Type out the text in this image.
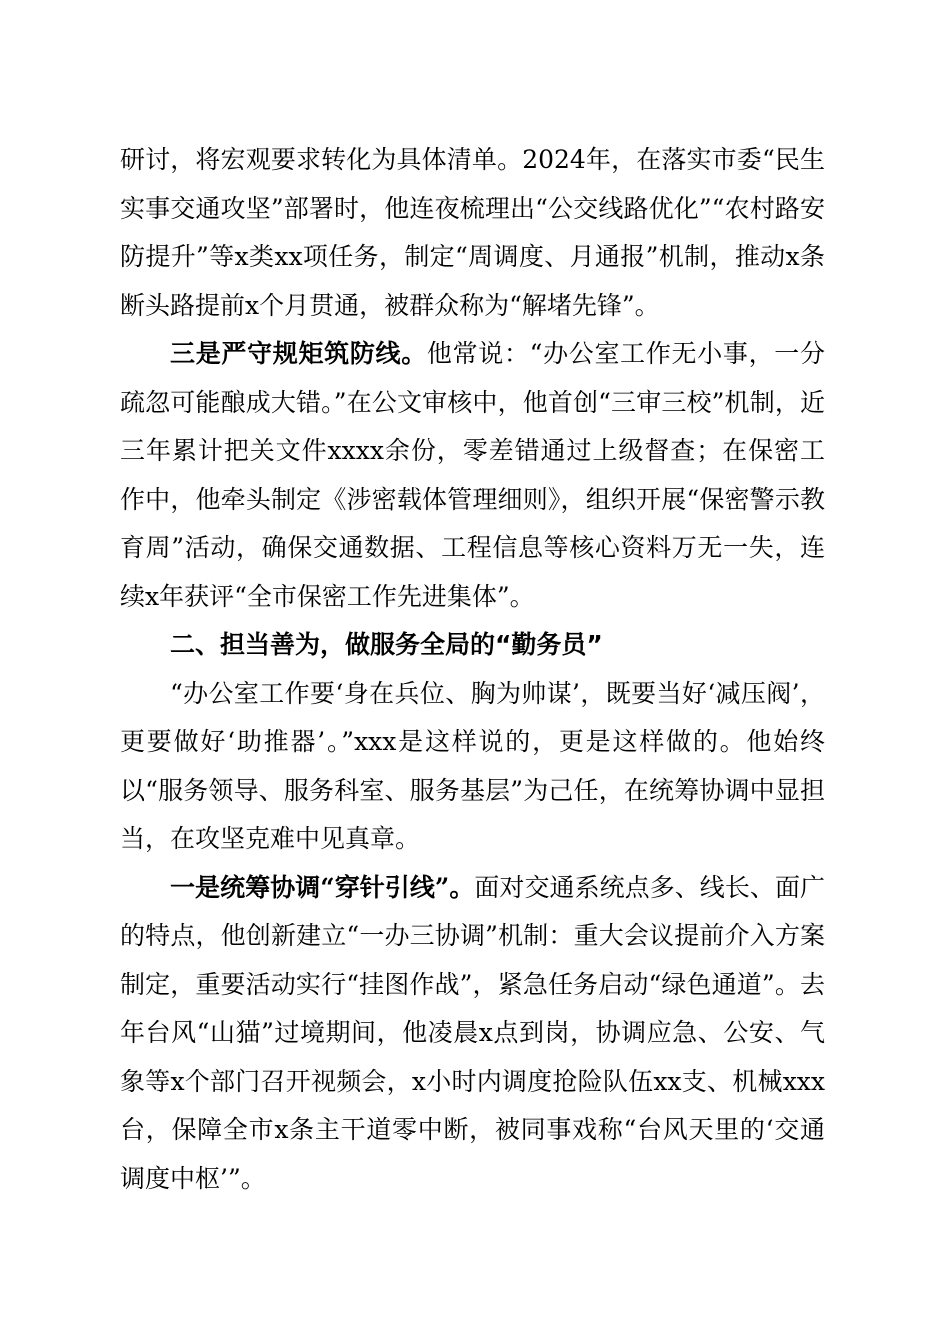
研讨，将宏观要求转化为具体清单。2024年，在落实市委“民生实事交通攻坚”部署时，他连夜梳理出“公交线路优化”“农村路安防提升”等x类xx项任务，制定“周调度、月通报”机制，推动x条断头路提前x个月贯通，被群众称为“解堵先锋”。

三是严守规矩筑防线。他常说：“办公室工作无小事，一分疏忽可能酿成大错。”在公文审核中，他首创“三审三校”机制，近三年累计把关文件xxxx余份，零差错通过上级督查；在保密工作中，他牵头制定《涉密载体管理细则》，组织开展“保密警示教育周”活动，确保交通数据、工程信息等核心资料万无一失，连续x年获评“全市保密工作先进集体”。

二、担当善为，做服务全局的“勤务员”

“办公室工作要‘身在兵位、胸为帅谋’，既要当好‘减压阀’，更要做好‘助推器’。”xxx是这样说的，更是这样做的。他始终以“服务领导、服务科室、服务基层”为己任，在统筹协调中显担当，在攻坚克难中见真章。

一是统筹协调“穿针引线”。面对交通系统点多、线长、面广的特点，他创新建立“一办三协调”机制：重大会议提前介入方案制定，重要活动实行“挂图作战”，紧急任务启动“绿色通道”。去年台风“山猫”过境期间，他凌晨x点到岗，协调应急、公安、气象等x个部门召开视频会，x小时内调度抢险队伍xx支、机械xxx台，保障全市x条主干道零中断，被同事戏称“台风天里的‘交通调度中枢’”。
